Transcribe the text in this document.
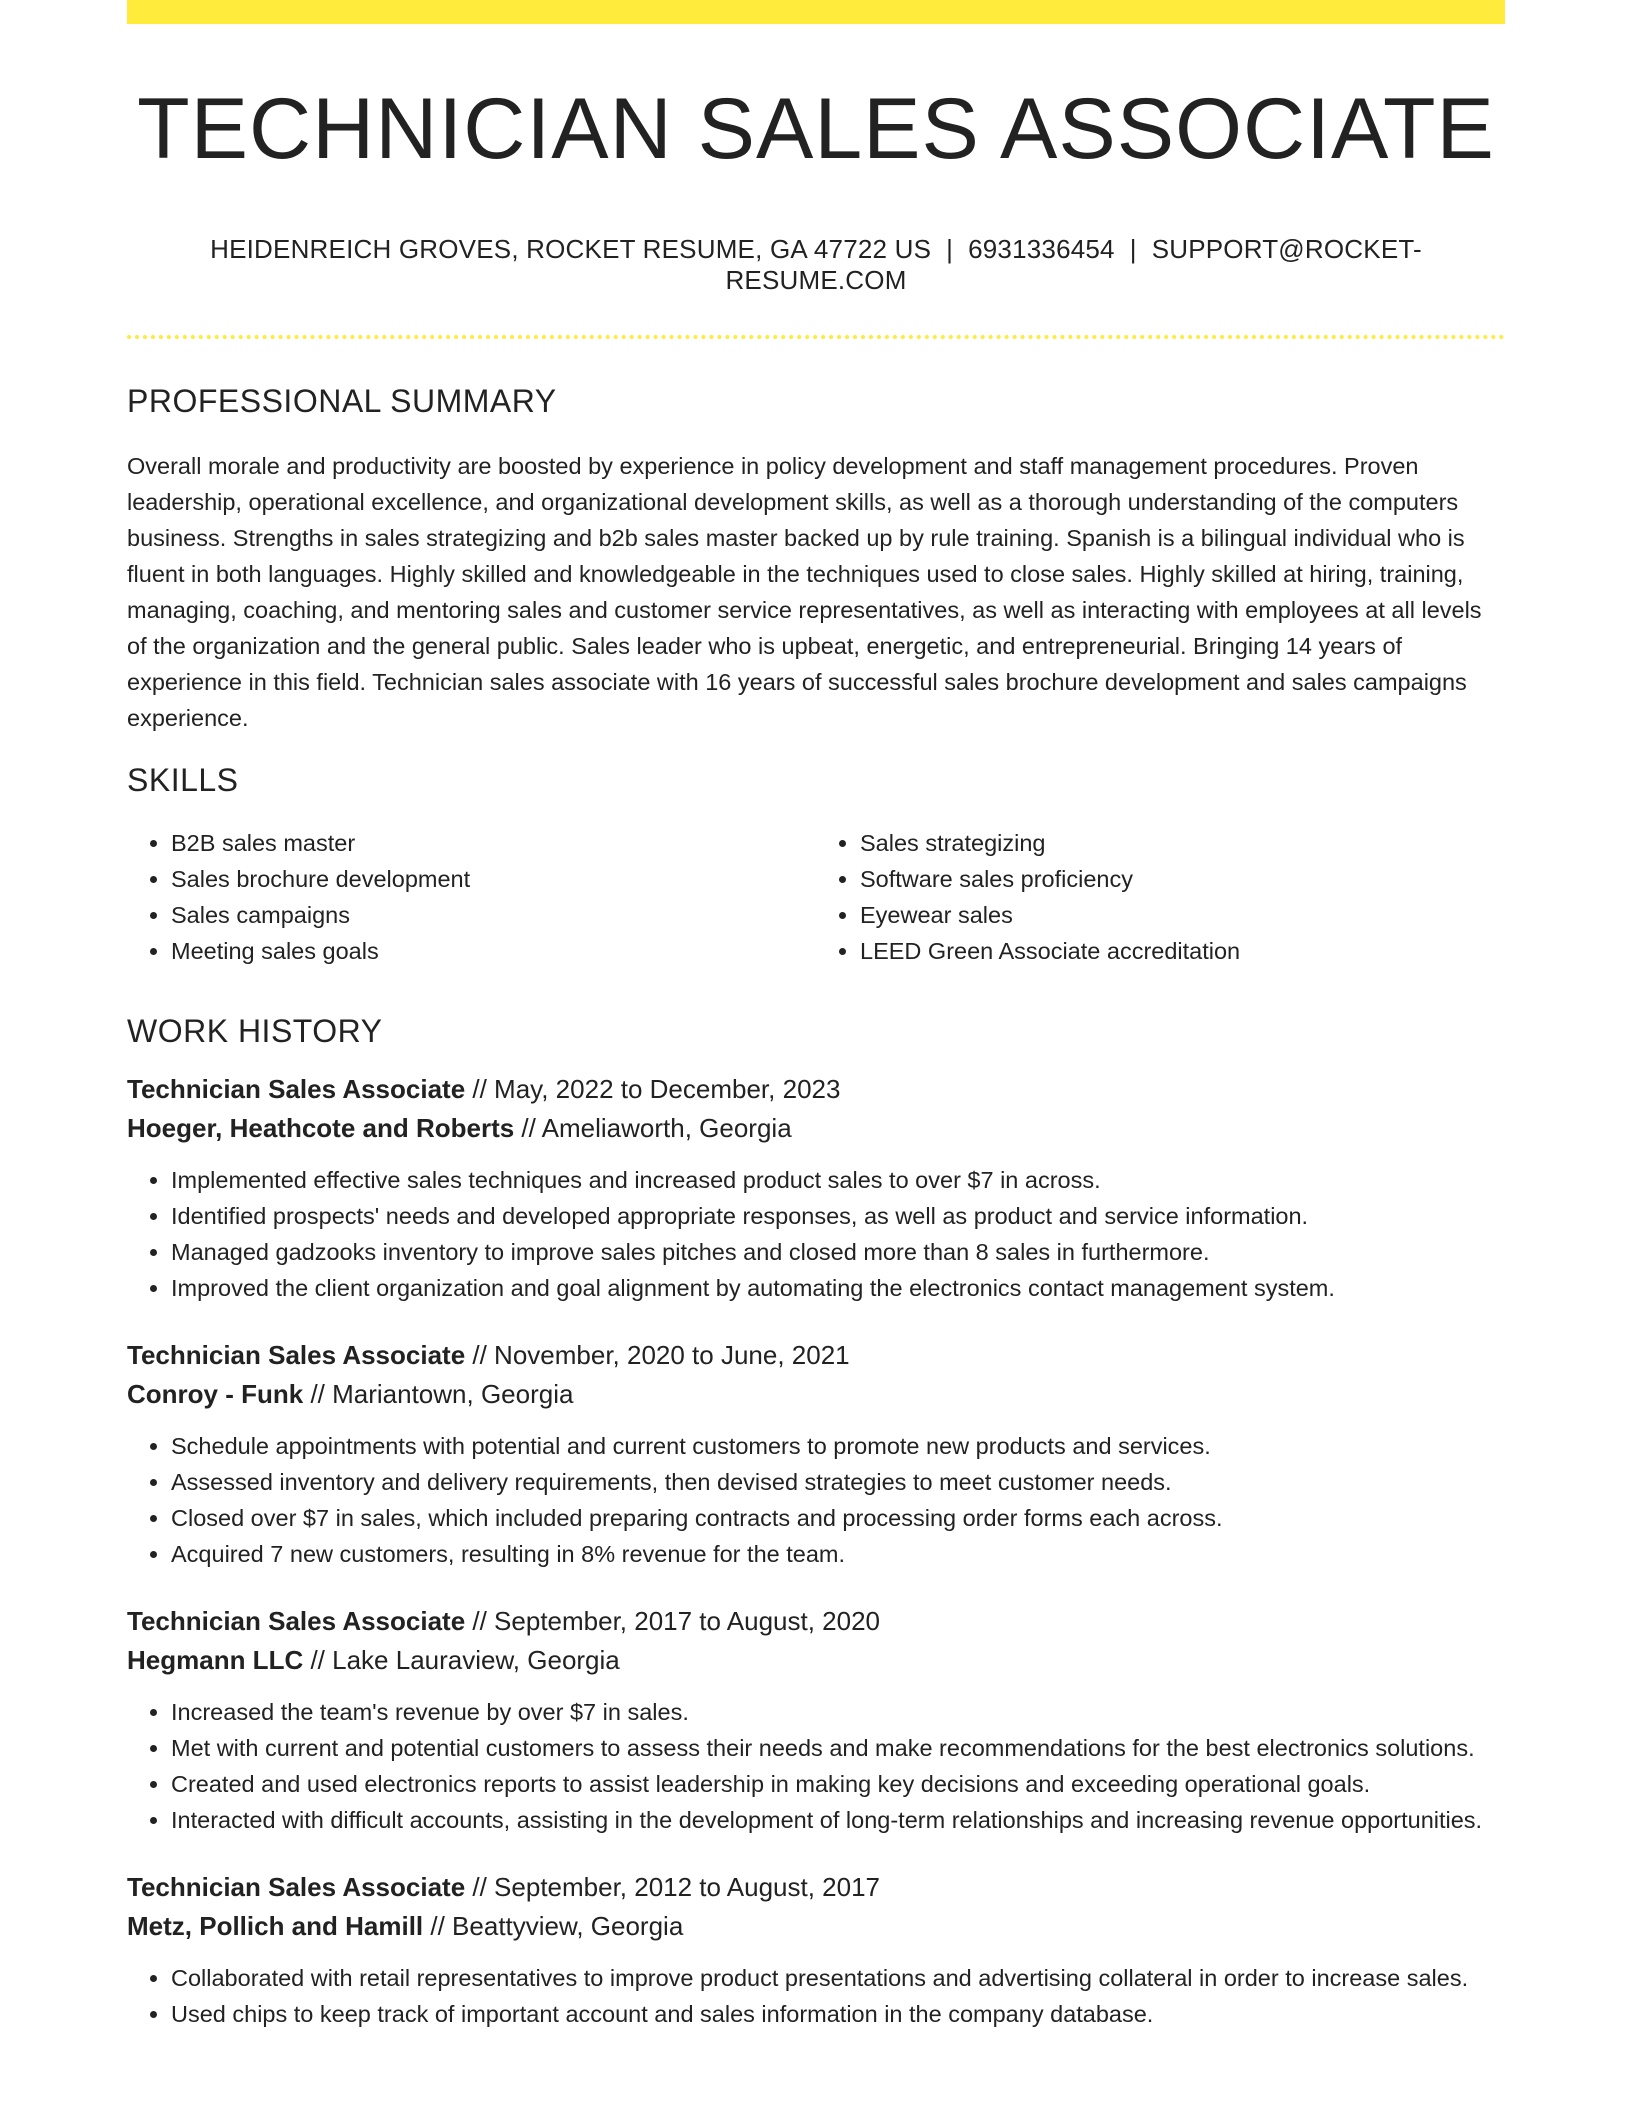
TECHNICIAN SALES ASSOCIATE
HEIDENREICH GROVES, ROCKET RESUME, GA 47722 US | 6931336454 | SUPPORT@ROCKET-RESUME.COM
PROFESSIONAL SUMMARY

Overall morale and productivity are boosted by experience in policy development and staff management procedures. Proven leadership, operational excellence, and organizational development skills, as well as a thorough understanding of the computers business. Strengths in sales strategizing and b2b sales master backed up by rule training. Spanish is a bilingual individual who is fluent in both languages. Highly skilled and knowledgeable in the techniques used to close sales. Highly skilled at hiring, training, managing, coaching, and mentoring sales and customer service representatives, as well as interacting with employees at all levels of the organization and the general public. Sales leader who is upbeat, energetic, and entrepreneurial. Bringing 14 years of experience in this field. Technician sales associate with 16 years of successful sales brochure development and sales campaigns experience.

SKILLS
• B2B sales master
• Sales brochure development
• Sales campaigns
• Meeting sales goals
• Sales strategizing
• Software sales proficiency
• Eyewear sales
• LEED Green Associate accreditation
WORK HISTORY
Technician Sales Associate // May, 2022 to December, 2023
Hoeger, Heathcote and Roberts // Ameliaworth, Georgia
• Implemented effective sales techniques and increased product sales to over $7 in across.
• Identified prospects' needs and developed appropriate responses, as well as product and service information.
• Managed gadzooks inventory to improve sales pitches and closed more than 8 sales in furthermore.
• Improved the client organization and goal alignment by automating the electronics contact management system.
Technician Sales Associate // November, 2020 to June, 2021
Conroy - Funk // Mariantown, Georgia
• Schedule appointments with potential and current customers to promote new products and services.
• Assessed inventory and delivery requirements, then devised strategies to meet customer needs.
• Closed over $7 in sales, which included preparing contracts and processing order forms each across.
• Acquired 7 new customers, resulting in 8% revenue for the team.
Technician Sales Associate // September, 2017 to August, 2020
Hegmann LLC // Lake Lauraview, Georgia
• Increased the team's revenue by over $7 in sales.
• Met with current and potential customers to assess their needs and make recommendations for the best electronics solutions.
• Created and used electronics reports to assist leadership in making key decisions and exceeding operational goals.
• Interacted with difficult accounts, assisting in the development of long-term relationships and increasing revenue opportunities.
Technician Sales Associate // September, 2012 to August, 2017
Metz, Pollich and Hamill // Beattyview, Georgia
• Collaborated with retail representatives to improve product presentations and advertising collateral in order to increase sales.
• Used chips to keep track of important account and sales information in the company database.
